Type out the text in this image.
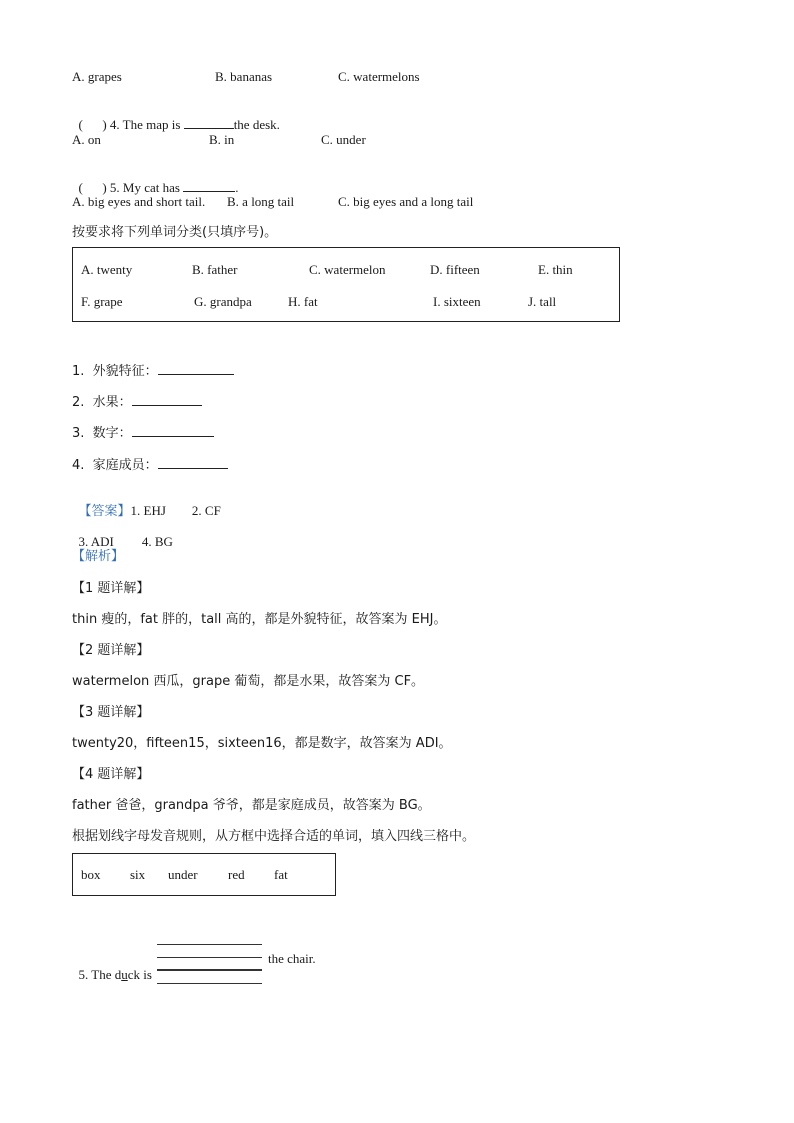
A. grapes	B. bananas	C. watermelons

(      ) 4. The map is	the desk.

A. on	B. in	C. under

(      ) 5. My cat has	.

A. big eyes and short tail. B. a long tail	C. big eyes and a long tail
按要求将下列单词分类(只填序号)。
A. twenty	B. father	C. watermelon	D. fifteen	E. thin
F. grape	G. grandpa	H. fat	I. sixteen	J. tall
1.  外貌特征：
2.  水果：
3.  数字：
4.  家庭成员：

【答案】1. EHJ 2. CF

3. ADI 4. BG

【解析】
【1 题详解】
thin 瘦的，fat 胖的，tall 高的，都是外貌特征，故答案为 EHJ。
【2 题详解】
watermelon 西瓜，grape 葡萄，都是水果，故答案为 CF。
【3 题详解】
twenty20，fifteen15，sixteen16，都是数字，故答案为 ADI。
【4 题详解】
father 爸爸，grandpa 爷爷，都是家庭成员，故答案为 BG。
根据划线字母发音规则，从方框中选择合适的单词，填入四线三格中。
box six under red fat

5. The duck is

the chair.
